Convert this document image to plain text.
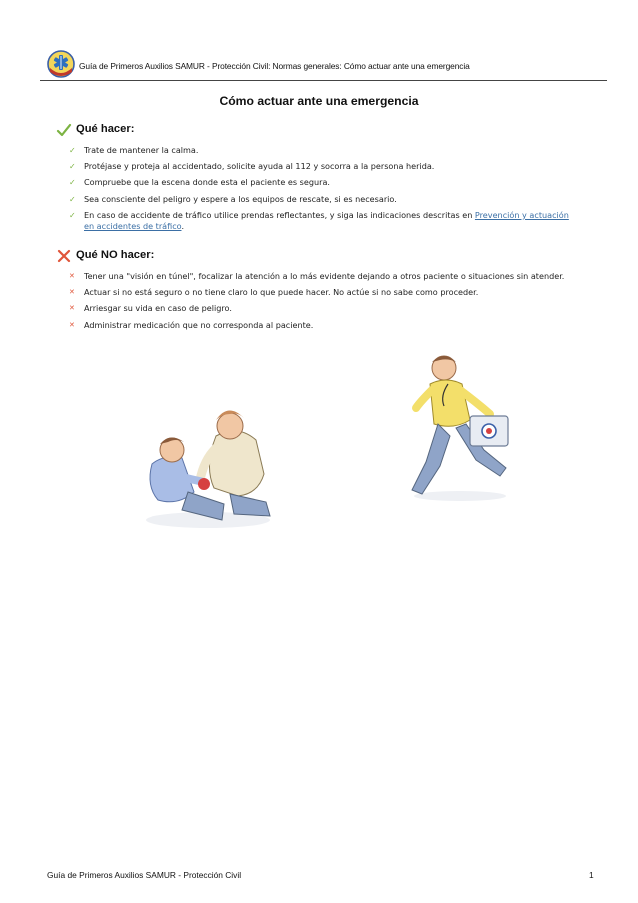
Guía de Primeros Auxilios SAMUR - Protección Civil: Normas generales: Cómo actuar ante una emergencia
Cómo actuar ante una emergencia
Qué hacer:
✓ Trate de mantener la calma.
✓ Protéjase y proteja al accidentado, solicite ayuda al 112 y socorra a la persona herida.
✓ Compruebe que la escena donde esta el paciente es segura.
✓ Sea consciente del peligro y espere a los equipos de rescate, si es necesario.
✓ En caso de accidente de tráfico utilice prendas reflectantes, y siga las indicaciones descritas en Prevención y actuación en accidentes de tráfico.
Qué NO hacer:
✕ Tener una "visión en túnel", focalizar la atención a lo más evidente dejando a otros paciente o situaciones sin atender.
✕ Actuar si no está seguro o no tiene claro lo que puede hacer. No actúe si no sabe como proceder.
✕ Arriesgar su vida en caso de peligro.
✕ Administrar medicación que no corresponda al paciente.
Guía de Primeros Auxilios SAMUR - Protección Civil	1
